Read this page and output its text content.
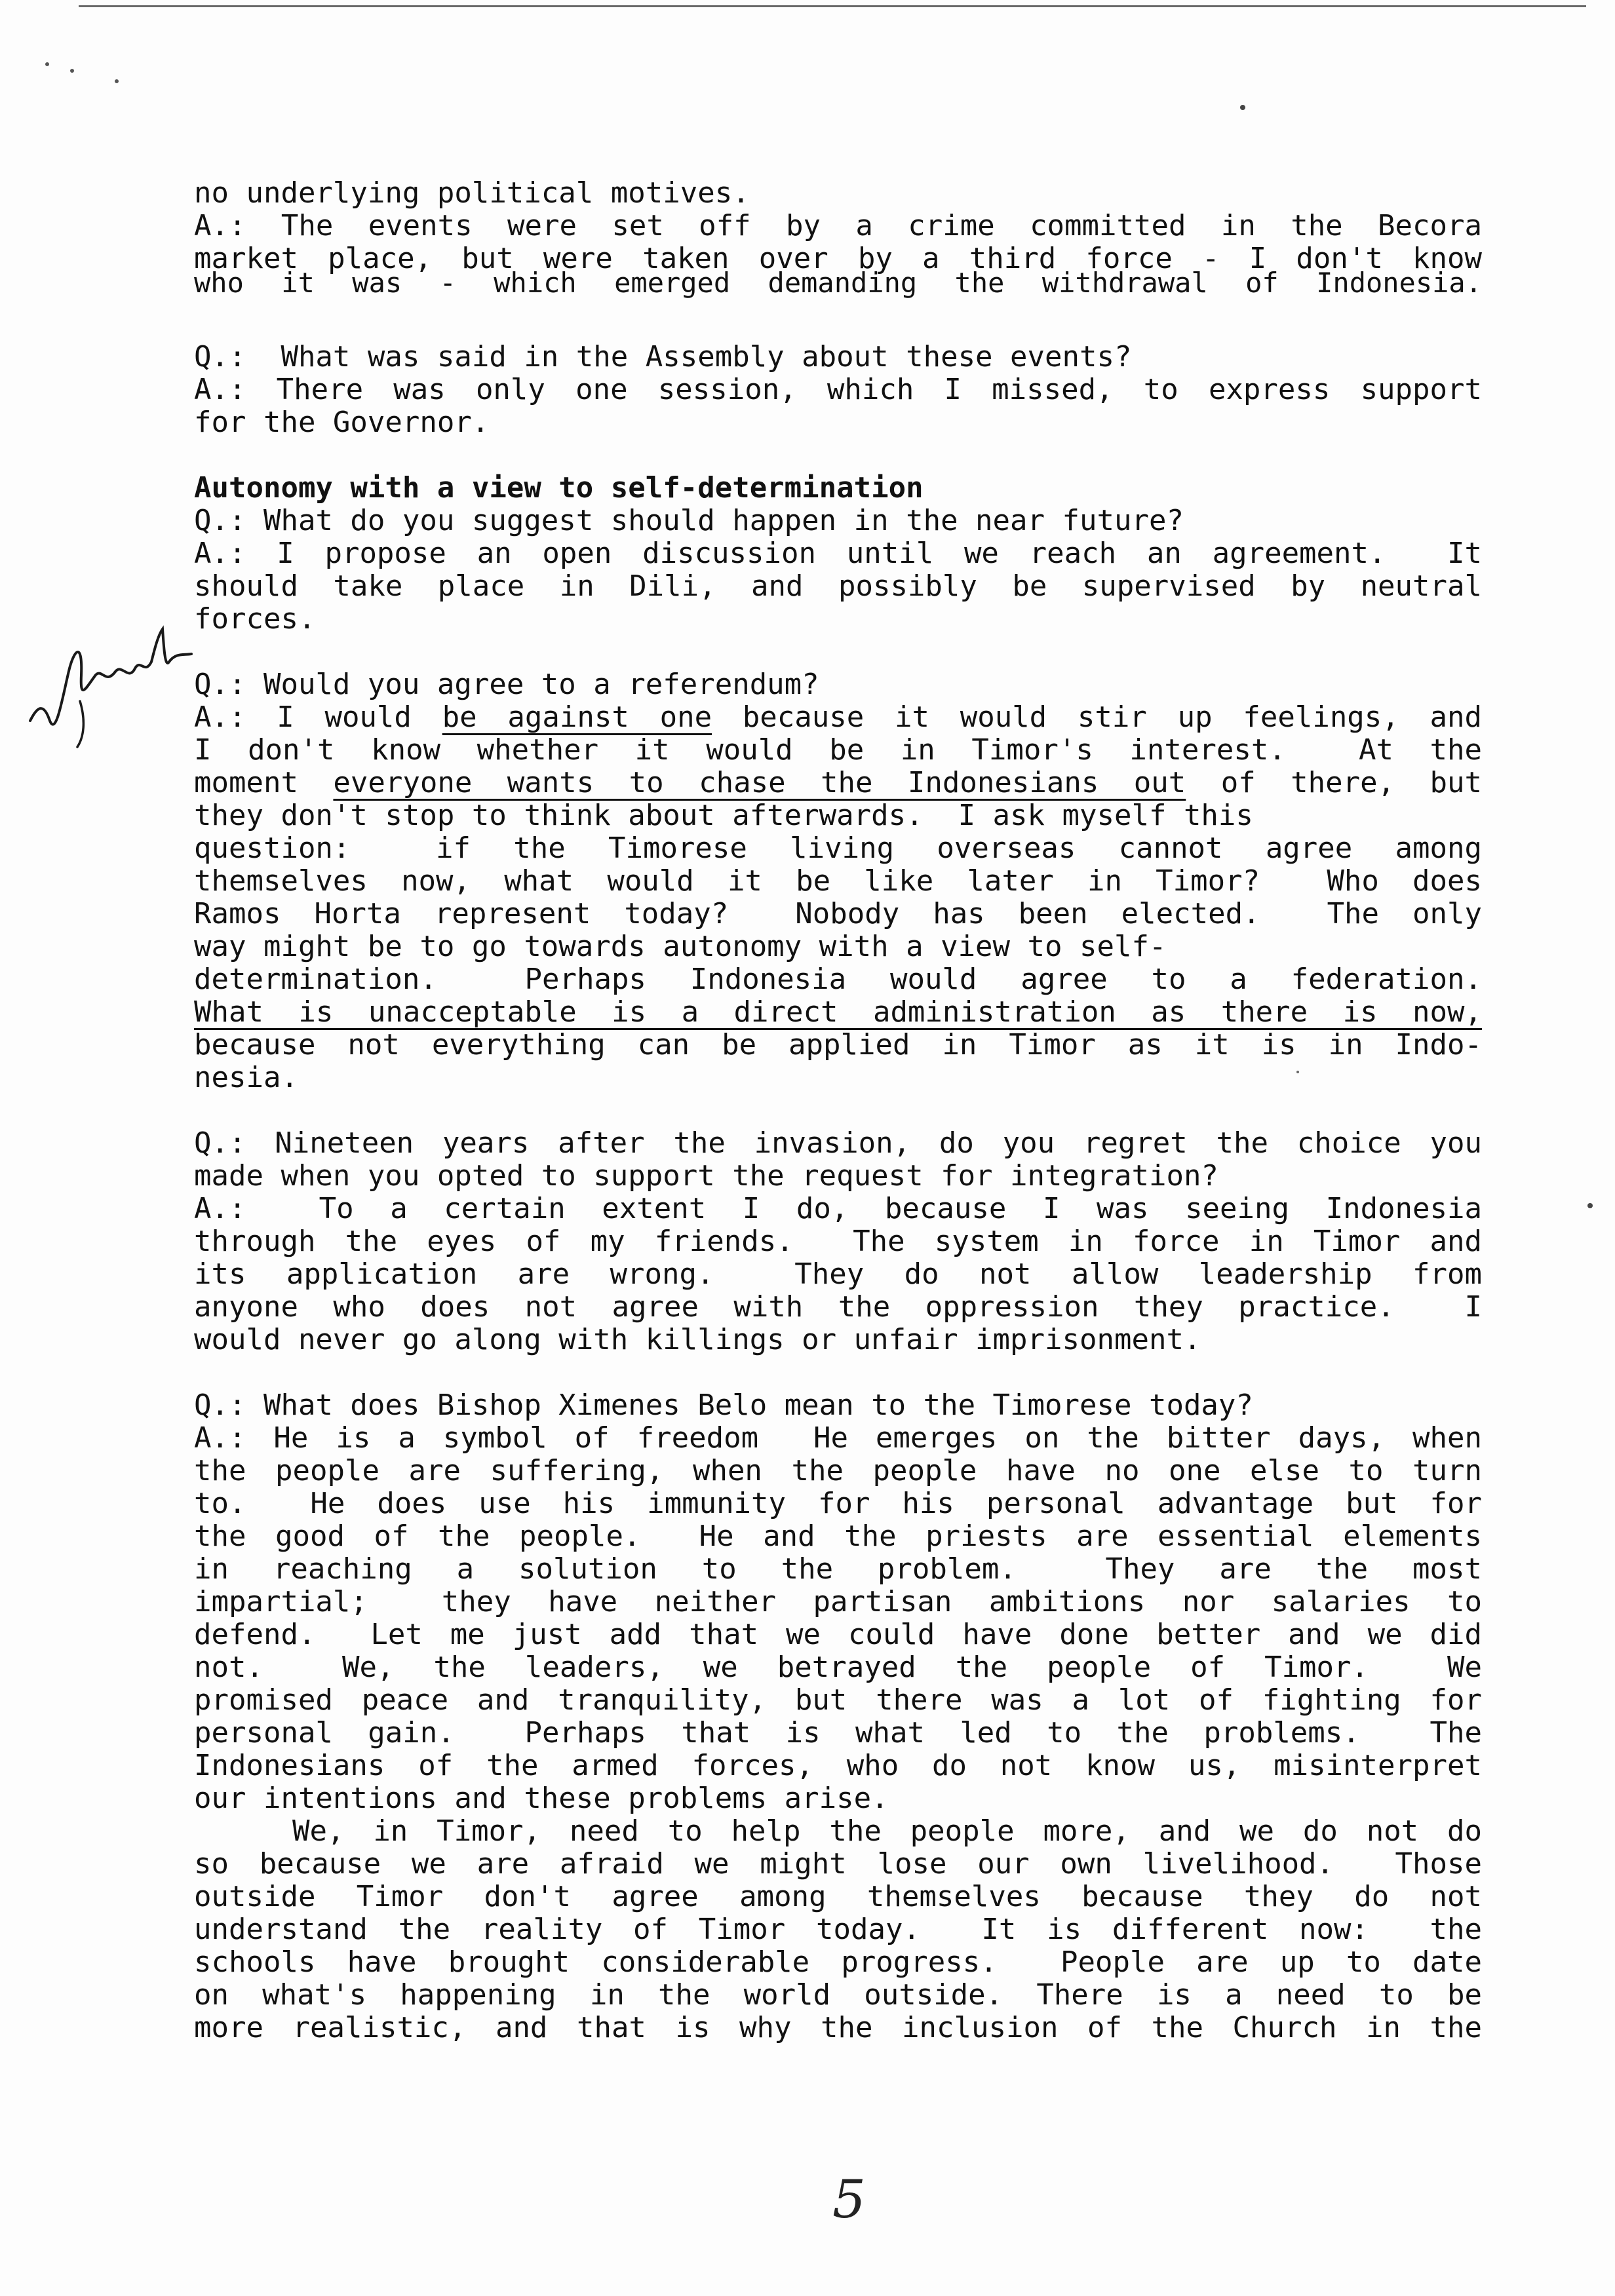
no underlying political motives.
A.: The events were set off by a crime committed in the Becora
market place, but were taken over by a third force - I don't know
who it was - which emerged demanding the withdrawal of Indonesia.
Q.:  What was said in the Assembly about these events?
A.: There was only one session, which I missed, to express support
for the Governor.
Autonomy with a view to self-determination
Q.: What do you suggest should happen in the near future?
A.: I propose an open discussion until we reach an agreement.  It
should take place in Dili, and possibly be supervised by neutral
forces.
Q.: Would you agree to a referendum?
A.: I would be against one because it would stir up feelings, and
I don't know whether it would be in Timor's interest.  At the
moment everyone wants to chase the Indonesians out of there, but
they don't stop to think about afterwards.  I ask myself this
question:  if the Timorese living overseas cannot agree among
themselves now, what would it be like later in Timor?  Who does
Ramos Horta represent today?  Nobody has been elected.  The only
way might be to go towards autonomy with a view to self-
determination.  Perhaps Indonesia would agree to a federation.
What is unacceptable is a direct administration as there is now,
because not everything can be applied in Timor as it is in Indo-
nesia.
Q.: Nineteen years after the invasion, do you regret the choice you
made when you opted to support the request for integration?
A.:  To a certain extent I do, because I was seeing Indonesia
through the eyes of my friends.  The system in force in Timor and
its application are wrong.  They do not allow leadership from
anyone who does not agree with the oppression they practice.  I
would never go along with killings or unfair imprisonment.
Q.: What does Bishop Ximenes Belo mean to the Timorese today?
A.: He is a symbol of freedom  He emerges on the bitter days, when
the people are suffering, when the people have no one else to turn
to.  He does use his immunity for his personal advantage but for
the good of the people.  He and the priests are essential elements
in reaching a solution to the problem.  They are the most
impartial;  they have neither partisan ambitions nor salaries to
defend.  Let me just add that we could have done better and we did
not.  We, the leaders, we betrayed the people of Timor.  We
promised peace and tranquility, but there was a lot of fighting for
personal gain.  Perhaps that is what led to the problems.  The
Indonesians of the armed forces, who do not know us, misinterpret
our intentions and these problems arise.
We, in Timor, need to help the people more, and we do not do
so because we are afraid we might lose our own livelihood.  Those
outside Timor don't agree among themselves because they do not
understand the reality of Timor today.  It is different now:  the
schools have brought considerable progress.  People are up to date
on what's happening in the world outside. There is a need to be
more realistic, and that is why the inclusion of the Church in the
5
